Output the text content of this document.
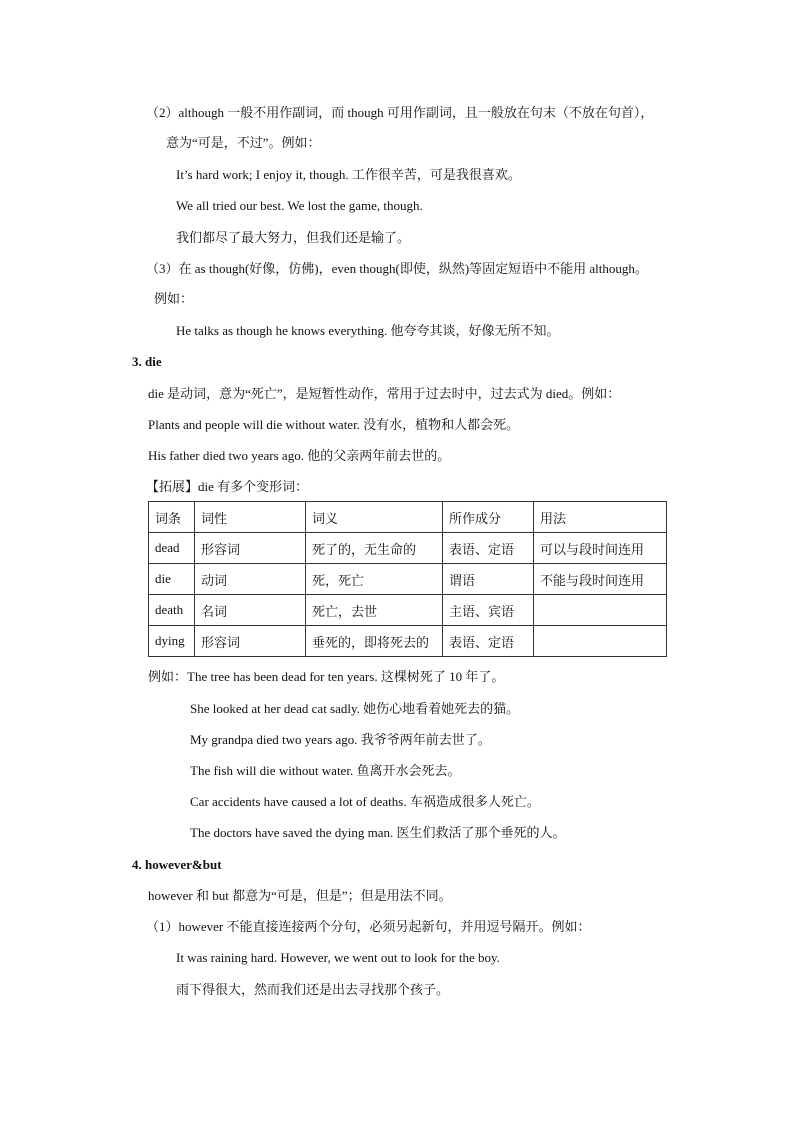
（2）although 一般不用作副词，而 though 可用作副词，且一般放在句末（不放在句首），
意为“可是，不过”。例如：
It’s hard work; I enjoy it, though. 工作很辛苦，可是我很喜欢。
We all tried our best. We lost the game, though.
我们都尽了最大努力，但我们还是输了。
（3）在 as though(好像，仿佛)，even though(即使，纵然)等固定短语中不能用 although。
例如：
He talks as though he knows everything. 他夸夸其谈，好像无所不知。
3. die
die 是动词，意为“死亡”，是短暂性动作，常用于过去时中，过去式为 died。例如：
Plants and people will die without water. 没有水，植物和人都会死。
His father died two years ago. 他的父亲两年前去世的。
【拓展】die 有多个变形词：
词条	词性	词义	所作成分	用法
dead	形容词	死了的，无生命的	表语、定语	可以与段时间连用
die	动词	死，死亡	谓语	不能与段时间连用
death	名词	死亡，去世	主语、宾语	
dying	形容词	垂死的，即将死去的	表语、定语	
例如：The tree has been dead for ten years. 这棵树死了 10 年了。
She looked at her dead cat sadly. 她伤心地看着她死去的猫。
My grandpa died two years ago. 我爷爷两年前去世了。
The fish will die without water. 鱼离开水会死去。
Car accidents have caused a lot of deaths. 车祸造成很多人死亡。
The doctors have saved the dying man. 医生们救活了那个垂死的人。
4. however&but
however 和 but 都意为“可是，但是”；但是用法不同。
（1）however 不能直接连接两个分句，必须另起新句，并用逗号隔开。例如：
It was raining hard. However, we went out to look for the boy.
雨下得很大，然而我们还是出去寻找那个孩子。
